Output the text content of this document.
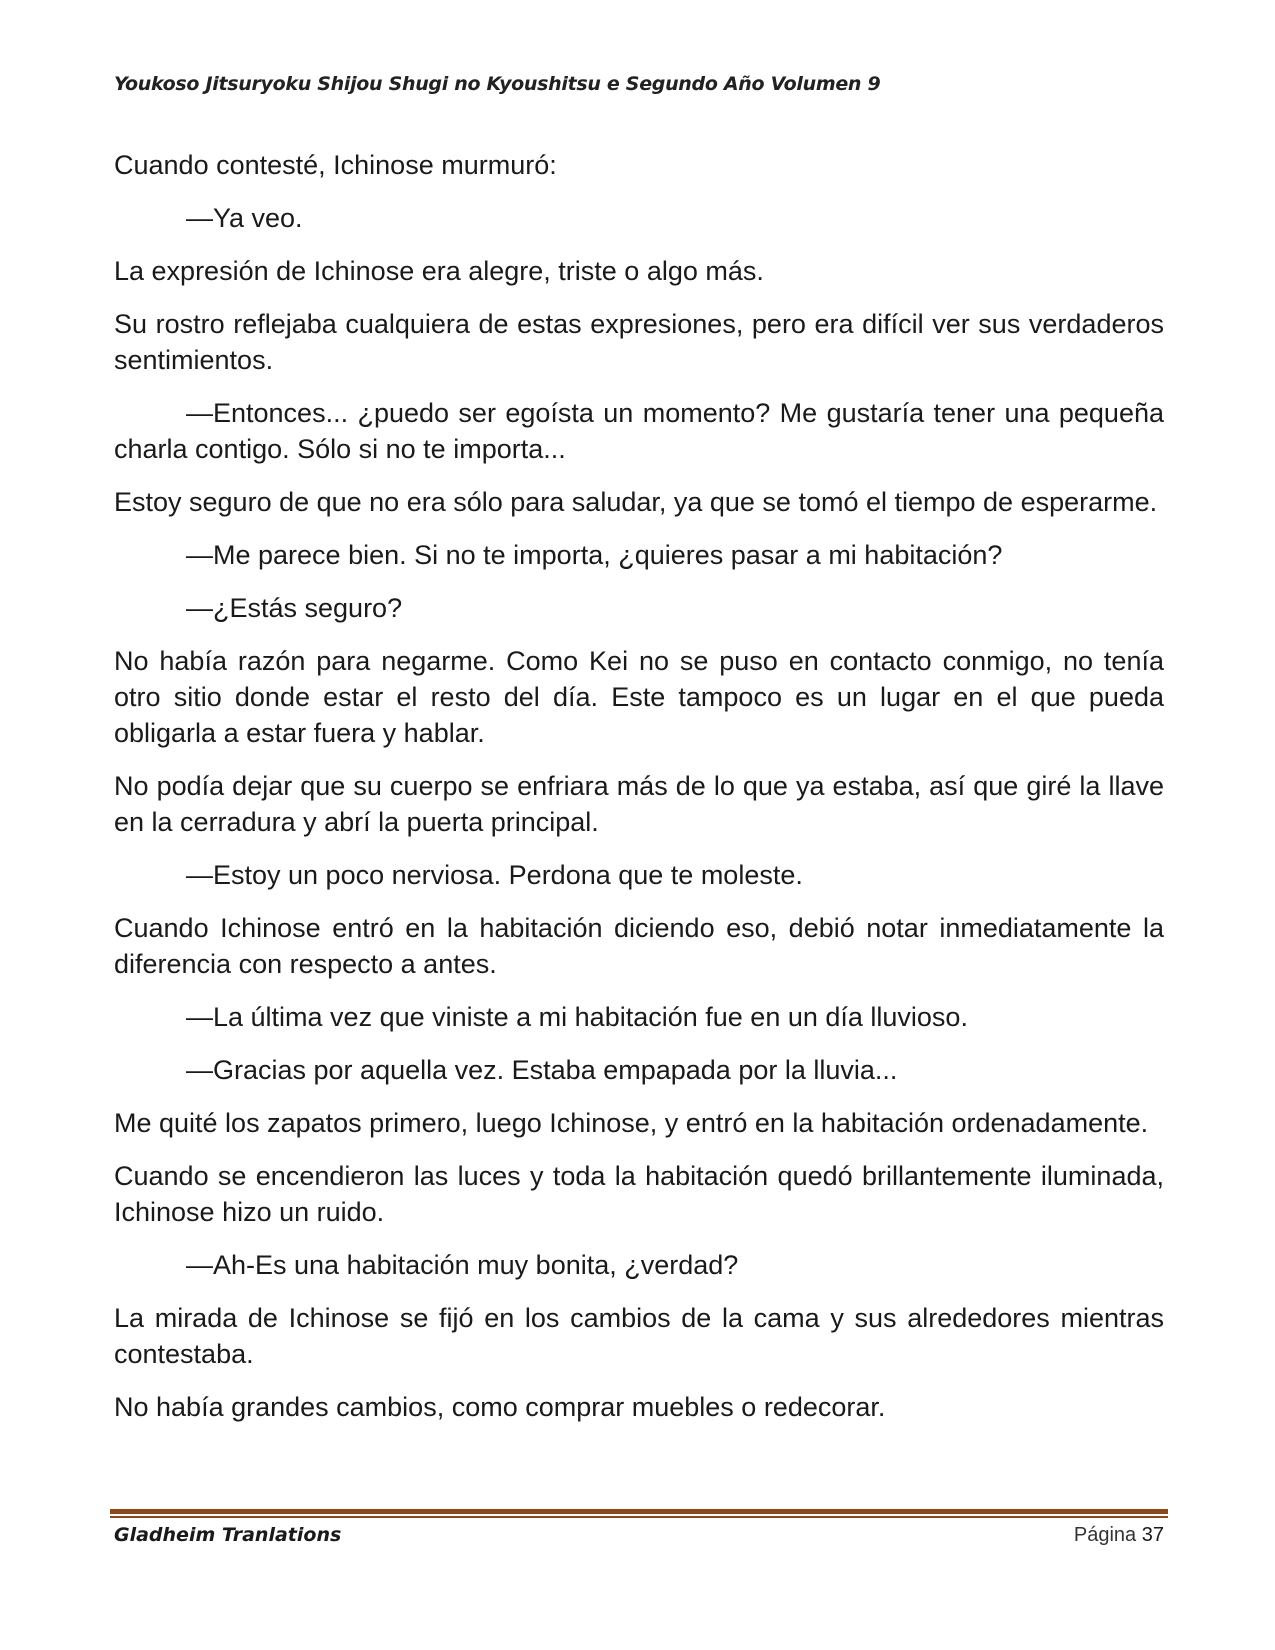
Youkoso Jitsuryoku Shijou Shugi no Kyoushitsu e Segundo Año Volumen 9

Cuando contesté, Ichinose murmuró:

—Ya veo.

La expresión de Ichinose era alegre, triste o algo más.

Su rostro reflejaba cualquiera de estas expresiones, pero era difícil ver sus verdaderos sentimientos.

—Entonces... ¿puedo ser egoísta un momento? Me gustaría tener una pequeña charla contigo. Sólo si no te importa...

Estoy seguro de que no era sólo para saludar, ya que se tomó el tiempo de esperarme.

—Me parece bien. Si no te importa, ¿quieres pasar a mi habitación?

—¿Estás seguro?

No había razón para negarme. Como Kei no se puso en contacto conmigo, no tenía otro sitio donde estar el resto del día. Este tampoco es un lugar en el que pueda obligarla a estar fuera y hablar.

No podía dejar que su cuerpo se enfriara más de lo que ya estaba, así que giré la llave en la cerradura y abrí la puerta principal.

—Estoy un poco nerviosa. Perdona que te moleste.

Cuando Ichinose entró en la habitación diciendo eso, debió notar inmediatamente la diferencia con respecto a antes.

—La última vez que viniste a mi habitación fue en un día lluvioso.

—Gracias por aquella vez. Estaba empapada por la lluvia...

Me quité los zapatos primero, luego Ichinose, y entró en la habitación ordenadamente.

Cuando se encendieron las luces y toda la habitación quedó brillantemente iluminada, Ichinose hizo un ruido.

—Ah-Es una habitación muy bonita, ¿verdad?

La mirada de Ichinose se fijó en los cambios de la cama y sus alrededores mientras contestaba.

No había grandes cambios, como comprar muebles o redecorar.

Gladheim Tranlations	Página 37
